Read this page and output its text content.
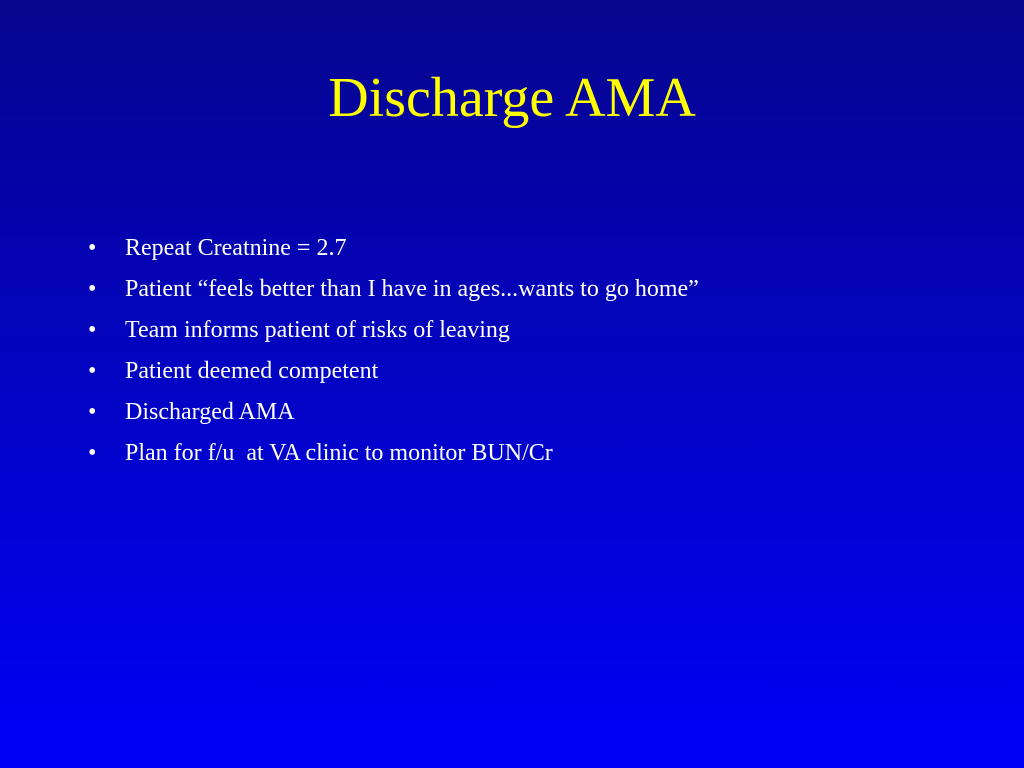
Discharge AMA
•	Repeat Creatnine = 2.7
•	Patient “feels better than I have in ages...wants to go home”
•	Team informs patient of risks of leaving
•	Patient deemed competent
•	Discharged AMA
•	Plan for f/u  at VA clinic to monitor BUN/Cr
